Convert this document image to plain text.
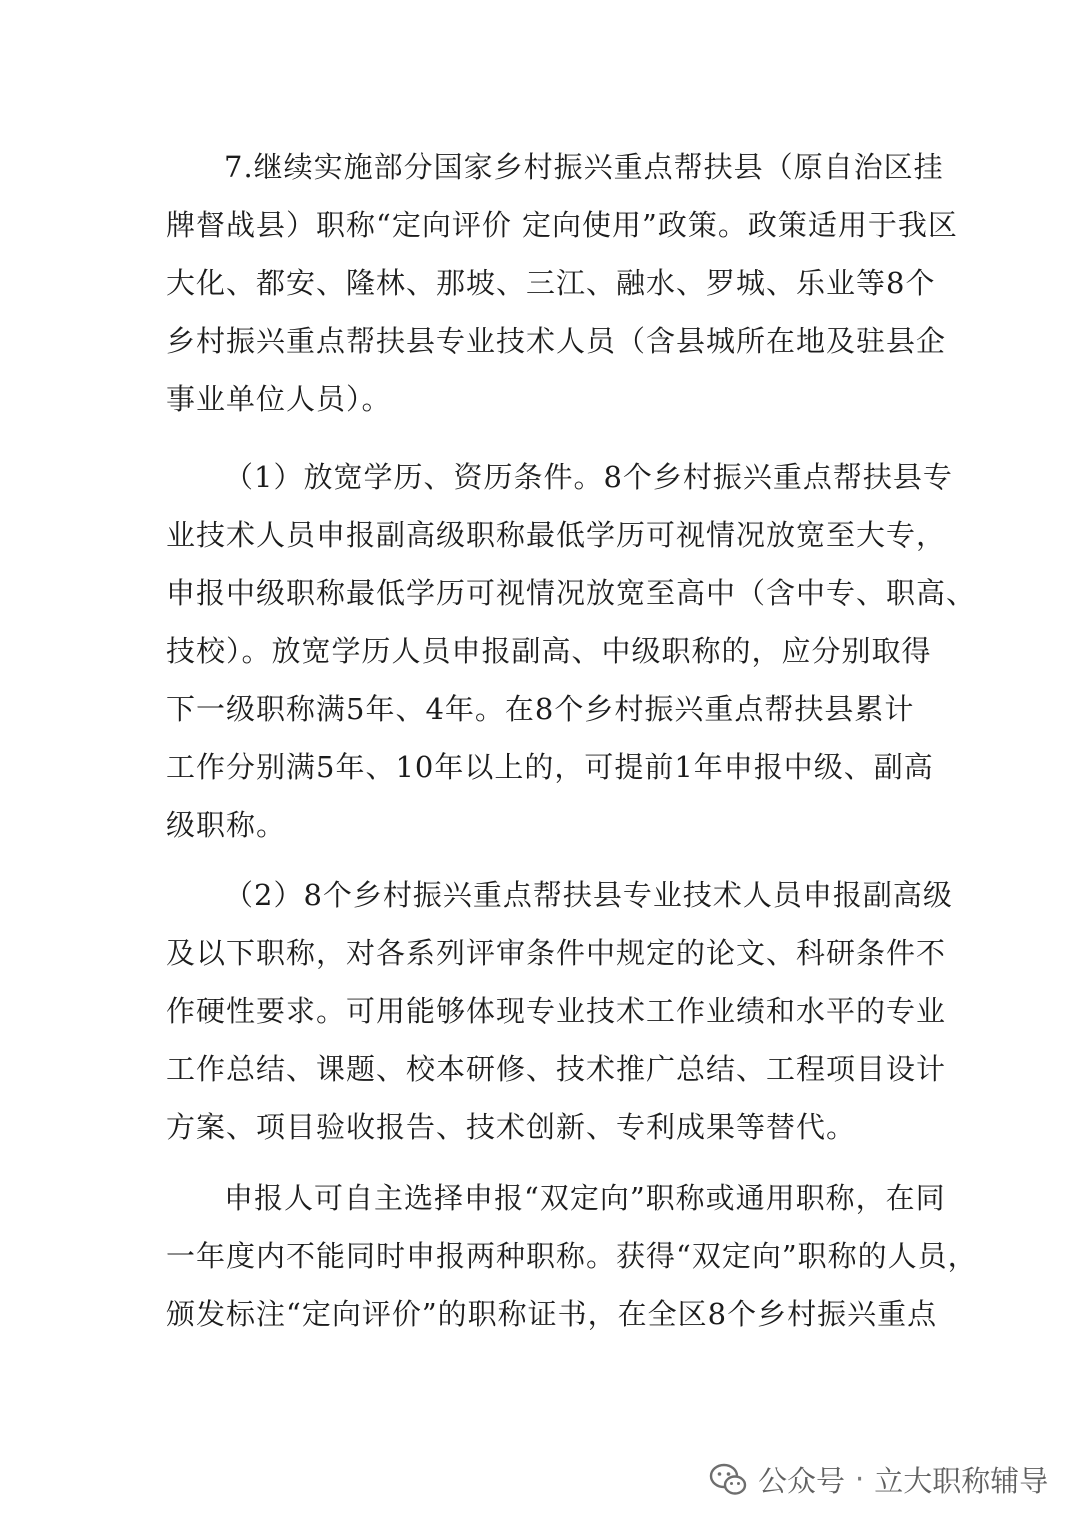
7.继续实施部分国家乡村振兴重点帮扶县（原自治区挂
牌督战县）职称“定向评价 定向使用”政策。政策适用于我区
大化、都安、隆林、那坡、三江、融水、罗城、乐业等8个
乡村振兴重点帮扶县专业技术人员（含县城所在地及驻县企
事业单位人员）。
（1）放宽学历、资历条件。8个乡村振兴重点帮扶县专
业技术人员申报副高级职称最低学历可视情况放宽至大专，
申报中级职称最低学历可视情况放宽至高中（含中专、职高、
技校）。放宽学历人员申报副高、中级职称的，应分别取得
下一级职称满5年、4年。在8个乡村振兴重点帮扶县累计
工作分别满5年、10年以上的，可提前1年申报中级、副高
级职称。
（2）8个乡村振兴重点帮扶县专业技术人员申报副高级
及以下职称，对各系列评审条件中规定的论文、科研条件不
作硬性要求。可用能够体现专业技术工作业绩和水平的专业
工作总结、课题、校本研修、技术推广总结、工程项目设计
方案、项目验收报告、技术创新、专利成果等替代。
申报人可自主选择申报“双定向”职称或通用职称，在同
一年度内不能同时申报两种职称。获得“双定向”职称的人员，
颁发标注“定向评价”的职称证书，在全区8个乡村振兴重点
公众号 · 立大职称辅导
